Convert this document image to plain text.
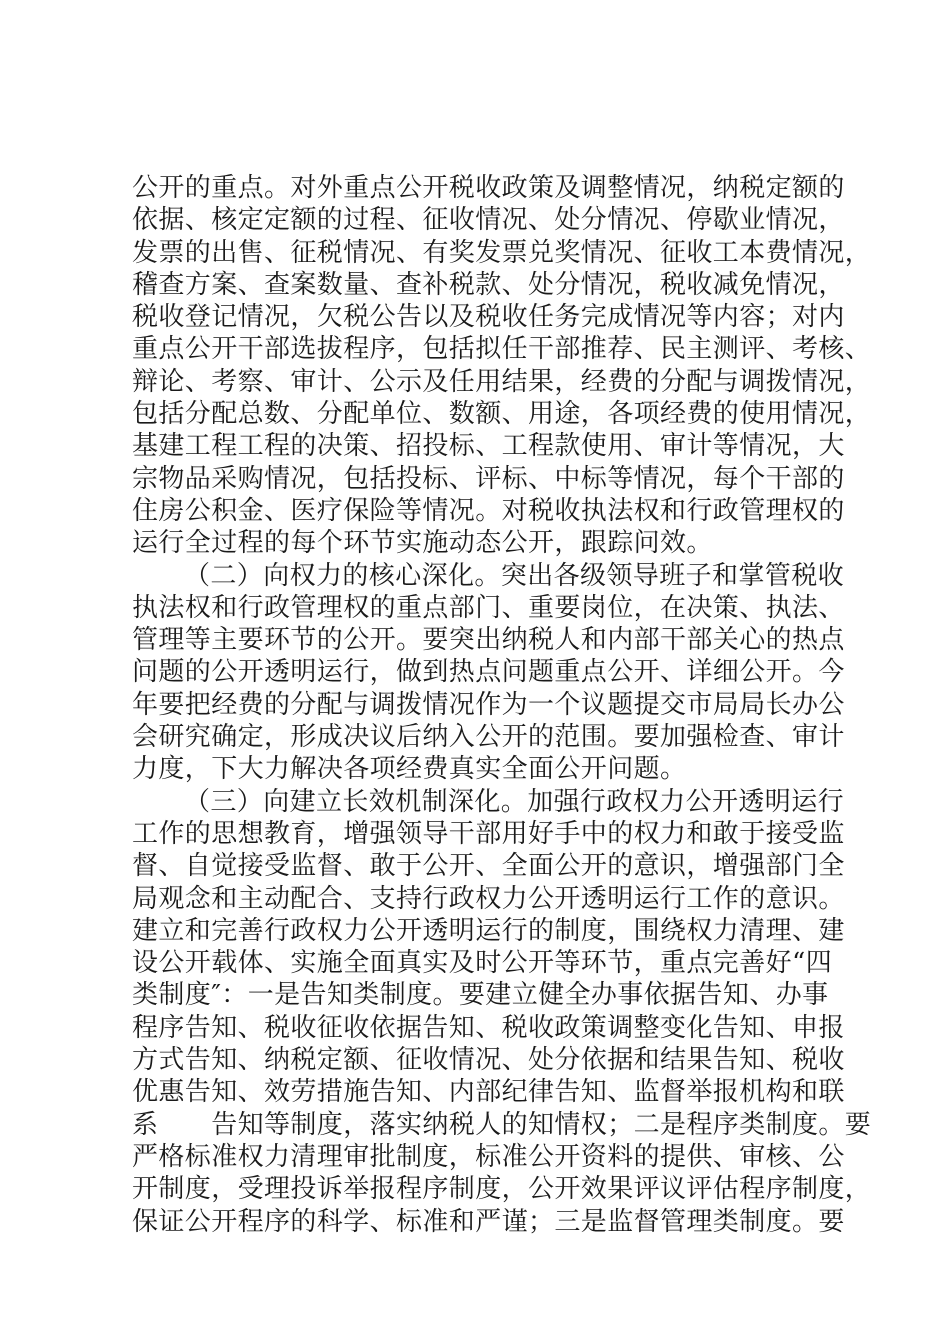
公开的重点。对外重点公开税收政策及调整情况，纳税定额的
依据、核定定额的过程、征收情况、处分情况、停歇业情况，
发票的出售、征税情况、有奖发票兑奖情况、征收工本费情况，
稽查方案、查案数量、查补税款、处分情况，税收减免情况，
税收登记情况，欠税公告以及税收任务完成情况等内容；对内
重点公开干部选拔程序，包括拟任干部推荐、民主测评、考核、
辩论、考察、审计、公示及任用结果，经费的分配与调拨情况，
包括分配总数、分配单位、数额、用途，各项经费的使用情况，
基建工程工程的决策、招投标、工程款使用、审计等情况，大
宗物品采购情况，包括投标、评标、中标等情况，每个干部的
住房公积金、医疗保险等情况。对税收执法权和行政管理权的
运行全过程的每个环节实施动态公开，跟踪问效。
（二）向权力的核心深化。突出各级领导班子和掌管税收
执法权和行政管理权的重点部门、重要岗位，在决策、执法、
管理等主要环节的公开。要突出纳税人和内部干部关心的热点
问题的公开透明运行，做到热点问题重点公开、详细公开。今
年要把经费的分配与调拨情况作为一个议题提交市局局长办公
会研究确定，形成决议后纳入公开的范围。要加强检查、审计
力度，下大力解决各项经费真实全面公开问题。
（三）向建立长效机制深化。加强行政权力公开透明运行
工作的思想教育，增强领导干部用好手中的权力和敢于接受监
督、自觉接受监督、敢于公开、全面公开的意识，增强部门全
局观念和主动配合、支持行政权力公开透明运行工作的意识。
建立和完善行政权力公开透明运行的制度，围绕权力清理、建
设公开载体、实施全面真实及时公开等环节，重点完善好“四
类制度″：一是告知类制度。要建立健全办事依据告知、办事
程序告知、税收征收依据告知、税收政策调整变化告知、申报
方式告知、纳税定额、征收情况、处分依据和结果告知、税收
优惠告知、效劳措施告知、内部纪律告知、监督举报机构和联
系　　告知等制度，落实纳税人的知情权；二是程序类制度。要
严格标准权力清理审批制度，标准公开资料的提供、审核、公
开制度，受理投诉举报程序制度，公开效果评议评估程序制度，
保证公开程序的科学、标准和严谨；三是监督管理类制度。要
